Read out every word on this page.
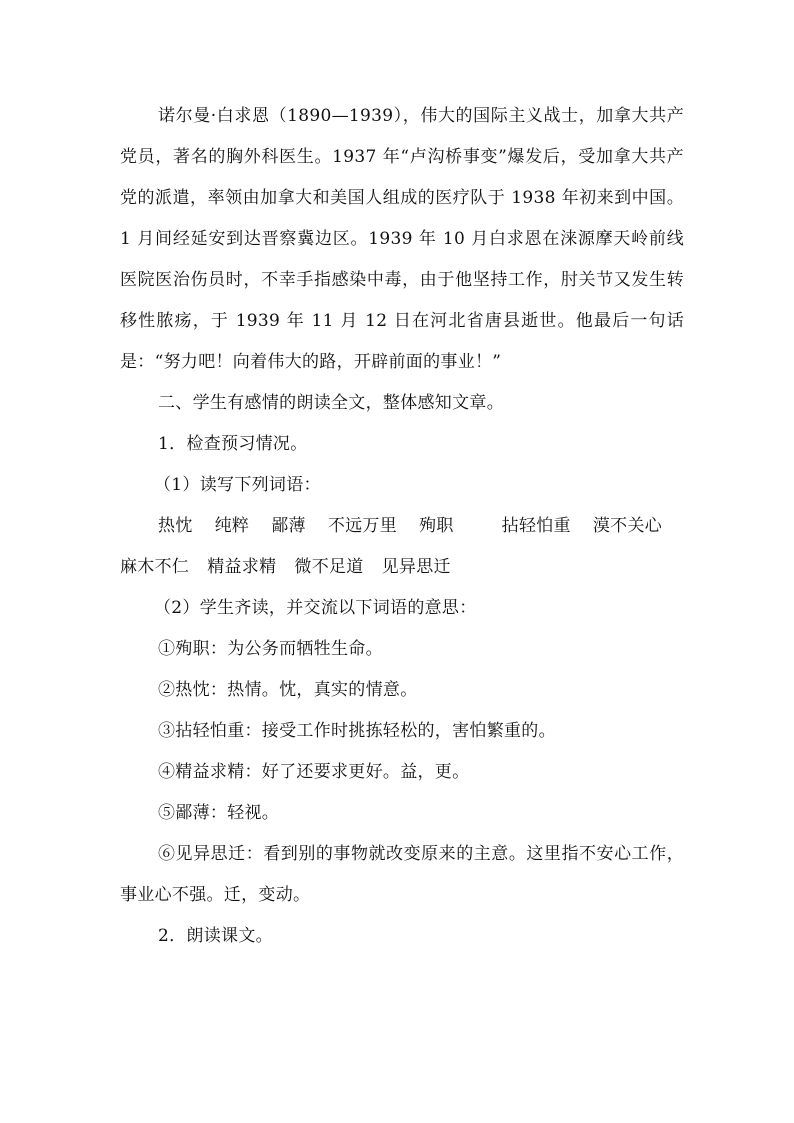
诺尔曼·白求恩（1890—1939），伟大的国际主义战士，加拿大共产党员，著名的胸外科医生。1937 年“卢沟桥事变”爆发后，受加拿大共产党的派遣，率领由加拿大和美国人组成的医疗队于 1938 年初来到中国。1 月间经延安到达晋察冀边区。1939 年 10 月白求恩在涞源摩天岭前线医院医治伤员时，不幸手指感染中毒，由于他坚持工作，肘关节又发生转移性脓疡，于 1939 年 11 月 12 日在河北省唐县逝世。他最后一句话是：“努力吧！向着伟大的路，开辟前面的事业！”

二、学生有感情的朗读全文，整体感知文章。

1．检查预习情况。

（1）读写下列词语：

热忱 纯粹 鄙薄 不远万里 殉职	拈轻怕重 漠不关心

麻木不仁 精益求精 微不足道 见异思迁

（2）学生齐读，并交流以下词语的意思：

①殉职：为公务而牺牲生命。

②热忱：热情。忱，真实的情意。

③拈轻怕重：接受工作时挑拣轻松的，害怕繁重的。

④精益求精：好了还要求更好。益，更。

⑤鄙薄：轻视。

⑥见异思迁：看到别的事物就改变原来的主意。这里指不安心工作，事业心不强。迁，变动。

2．朗读课文。
